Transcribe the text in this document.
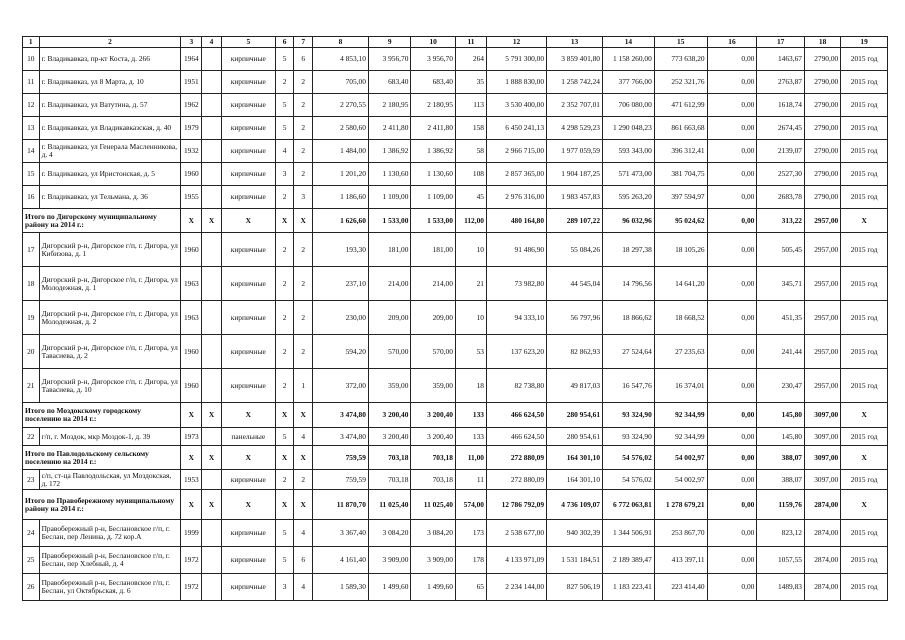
1	2	3	4	5	6	7	8	9	10	11	12	13	14	15	16	17	18	19
10	г. Владикавказ, пр-кт Коста, д. 266	1964		кирпичные	5	6	4 853,10	3 956,70	3 956,70	264	5 791 300,00	3 859 401,80	1 158 260,00	773 638,20	0,00	1463,67	2790,00	2015 год
11	г. Владикавказ, ул 8 Марта, д. 10	1951		кирпичные	2	2	705,00	683,40	683,40	35	1 888 830,00	1 258 742,24	377 766,00	252 321,76	0,00	2763,87	2790,00	2015 год
12	г. Владикавказ, ул Ватутина, д. 57	1962		кирпичные	5	2	2 270,55	2 180,95	2 180,95	113	3 530 400,00	2 352 707,01	706 080,00	471 612,99	0,00	1618,74	2790,00	2015 год
13	г. Владикавказ, ул Владикавказская, д. 40	1979		кирпичные	5	2	2 580,60	2 411,80	2 411,80	158	6 450 241,13	4 298 529,23	1 290 048,23	861 663,68	0,00	2674,45	2790,00	2015 год
14	г. Владикавказ, ул Генерала Масленникова, д. 4	1932		кирпичные	4	2	1 484,00	1 386,92	1 386,92	58	2 966 715,00	1 977 059,59	593 343,00	396 312,41	0,00	2139,07	2790,00	2015 год
15	г. Владикавказ, ул Иристонская, д. 5	1960		кирпичные	3	2	1 201,20	1 130,60	1 130,60	108	2 857 365,00	1 904 187,25	571 473,00	381 704,75	0,00	2527,30	2790,00	2015 год
16	г. Владикавказ, ул Тельмана, д. 36	1955		кирпичные	2	3	1 186,60	1 109,00	1 109,00	45	2 976 316,00	1 983 457,83	595 263,20	397 594,97	0,00	2683,78	2790,00	2015 год
Итого по Дигорскому муниципальному району на 2014 г.:		X	X	X	X	X	1 626,60	1 533,00	1 533,00	112,00	480 164,80	289 107,22	96 032,96	95 024,62	0,00	313,22	2957,00	X
17	Дигорский р-н, Дигорское г/п, г. Дигора, ул Кибизова, д. 1	1960		кирпичные	2	2	193,30	181,00	181,00	10	91 486,90	55 084,26	18 297,38	18 105,26	0,00	505,45	2957,00	2015 год
18	Дигорский р-н, Дигорское г/п, г. Дигора, ул Молодежная, д. 1	1963		кирпичные	2	2	237,10	214,00	214,00	21	73 982,80	44 545,04	14 796,56	14 641,20	0,00	345,71	2957,00	2015 год
19	Дигорский р-н, Дигорское г/п, г. Дигора, ул Молодежная, д. 2	1963		кирпичные	2	2	230,00	209,00	209,00	10	94 333,10	56 797,96	18 866,62	18 668,52	0,00	451,35	2957,00	2015 год
20	Дигорский р-н, Дигорское г/п, г. Дигора, ул Тавасиева, д. 2	1960		кирпичные	2	2	594,20	570,00	570,00	53	137 623,20	82 862,93	27 524,64	27 235,63	0,00	241,44	2957,00	2015 год
21	Дигорский р-н, Дигорское г/п, г. Дигора, ул Тавасиева, д. 10	1960		кирпичные	2	1	372,00	359,00	359,00	18	82 738,80	49 817,03	16 547,76	16 374,01	0,00	230,47	2957,00	2015 год
Итого по Моздокскому городскому поселению на 2014 г.:		X	X	X	X	X	3 474,80	3 200,40	3 200,40	133	466 624,50	280 954,61	93 324,90	92 344,99	0,00	145,80	3097,00	X
22	г/п, г. Моздок, мкр Моздок-1, д. 39	1973		панельные	5	4	3 474,80	3 200,40	3 200,40	133	466 624,50	280 954,61	93 324,90	92 344,99	0,00	145,80	3097,00	2015 год
Итого по Павлодольскому сельскому поселению на 2014 г.:		X	X	X	X	X	759,59	703,18	703,18	11,00	272 880,09	164 301,10	54 576,02	54 002,97	0,00	388,07	3097,00	X
23	с/п, ст-ца Павлодольская, ул Моздокская, д. 172	1953		кирпичные	2	2	759,59	703,18	703,18	11	272 880,09	164 301,10	54 576,02	54 002,97	0,00	388,07	3097,00	2015 год
Итого по Правобережному муниципальному району на 2014 г.:		X	X	X	X	X	11 870,70	11 025,40	11 025,40	574,00	12 786 792,09	4 736 109,07	6 772 063,81	1 278 679,21	0,00	1159,76	2874,00	X
24	Правобережный р-н, Беслановское г/п, г. Беслан, пер Ленина, д. 72 кор.А	1999		кирпичные	5	4	3 367,40	3 084,20	3 084,20	173	2 538 677,00	940 302,39	1 344 506,91	253 867,70	0,00	823,12	2874,00	2015 год
25	Правобережный р-н, Беслановское г/п, г. Беслан, пер Хлебный, д. 4	1972		кирпичные	5	6	4 161,40	3 909,00	3 909,00	178	4 133 971,09	1 531 184,51	2 189 389,47	413 397,11	0,00	1057,55	2874,00	2015 год
26	Правобережный р-н, Беслановское г/п, г. Беслан, ул Октябрьская, д. 6	1972		кирпичные	3	4	1 589,30	1 499,60	1 499,60	65	2 234 144,00	827 506,19	1 183 223,41	223 414,40	0,00	1489,83	2874,00	2015 год
